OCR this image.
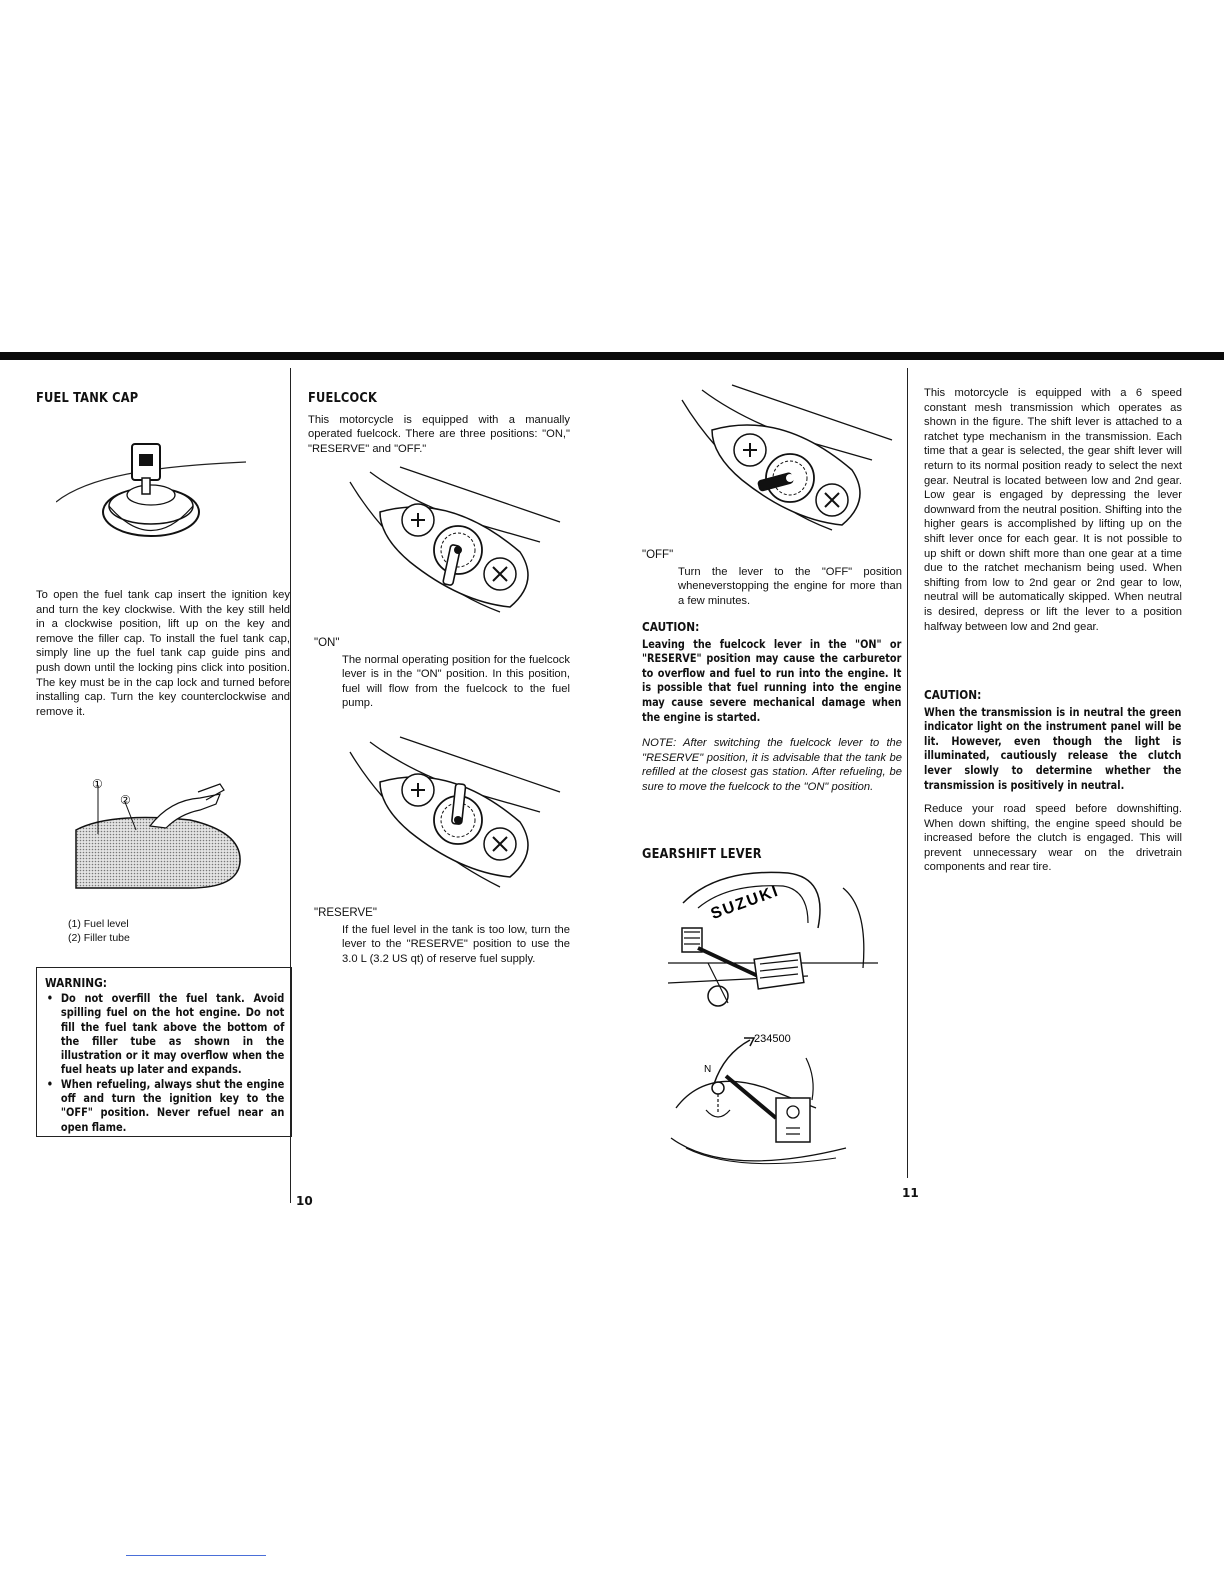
FUEL TANK CAP

To open the fuel tank cap insert the ignition key and turn the key clockwise. With the key still held in a clockwise position, lift up on the key and remove the filler cap. To install the fuel tank cap, simply line up the fuel tank cap guide pins and push down until the locking pins click into position. The key must be in the cap lock and turned before installing cap. Turn the key counterclockwise and remove it.

①
②
(1) Fuel level
(2) Filler tube
WARNING:
• Do not overfill the fuel tank. Avoid spilling fuel on the hot engine. Do not fill the fuel tank above the bottom of the filler tube as shown in the illustration or it may overflow when the fuel heats up later and expands.
• When refueling, always shut the engine off and turn the ignition key to the "OFF" position. Never refuel near an open flame.
FUELCOCK

This motorcycle is equipped with a manually operated fuelcock. There are three positions: "ON," "RESERVE" and "OFF."

"ON"

The normal operating position for the fuelcock lever is in the "ON" position. In this position, fuel will flow from the fuelcock to the fuel pump.

"RESERVE"

If the fuel level in the tank is too low, turn the lever to the "RESERVE" position to use the 3.0 L (3.2 US qt) of reserve fuel supply.

10

"OFF"

Turn the lever to the "OFF" position wheneverstopping the engine for more than a few minutes.

CAUTION:
Leaving the fuelcock lever in the "ON" or "RESERVE" position may cause the carburetor to overflow and fuel to run into the engine. It is possible that fuel running into the engine may cause severe mechanical damage when the engine is started.

NOTE: After switching the fuelcock lever to the "RESERVE" position, it is advisable that the tank be refilled at the closest gas station. After refueling, be sure to move the fuelcock to the "ON" position.

GEARSHIFT LEVER
SUZUKI
234500
N
11

This motorcycle is equipped with a 6 speed constant mesh transmission which operates as shown in the figure. The shift lever is attached to a ratchet type mechanism in the transmission. Each time that a gear is selected, the gear shift lever will return to its normal position ready to select the next gear. Neutral is located between low and 2nd gear. Low gear is engaged by depressing the lever downward from the neutral position. Shifting into the higher gears is accomplished by lifting up on the shift lever once for each gear. It is not possible to up shift or down shift more than one gear at a time due to the ratchet mechanism being used. When shifting from low to 2nd gear or 2nd gear to low, neutral will be automatically skipped. When neutral is desired, depress or lift the lever to a position halfway between low and 2nd gear.

CAUTION:
When the transmission is in neutral the green indicator light on the instrument panel will be lit. However, even though the light is illuminated, cautiously release the clutch lever slowly to determine whether the transmission is positively in neutral.

Reduce your road speed before downshifting. When down shifting, the engine speed should be increased before the clutch is engaged. This will prevent unnecessary wear on the drivetrain components and rear tire.
